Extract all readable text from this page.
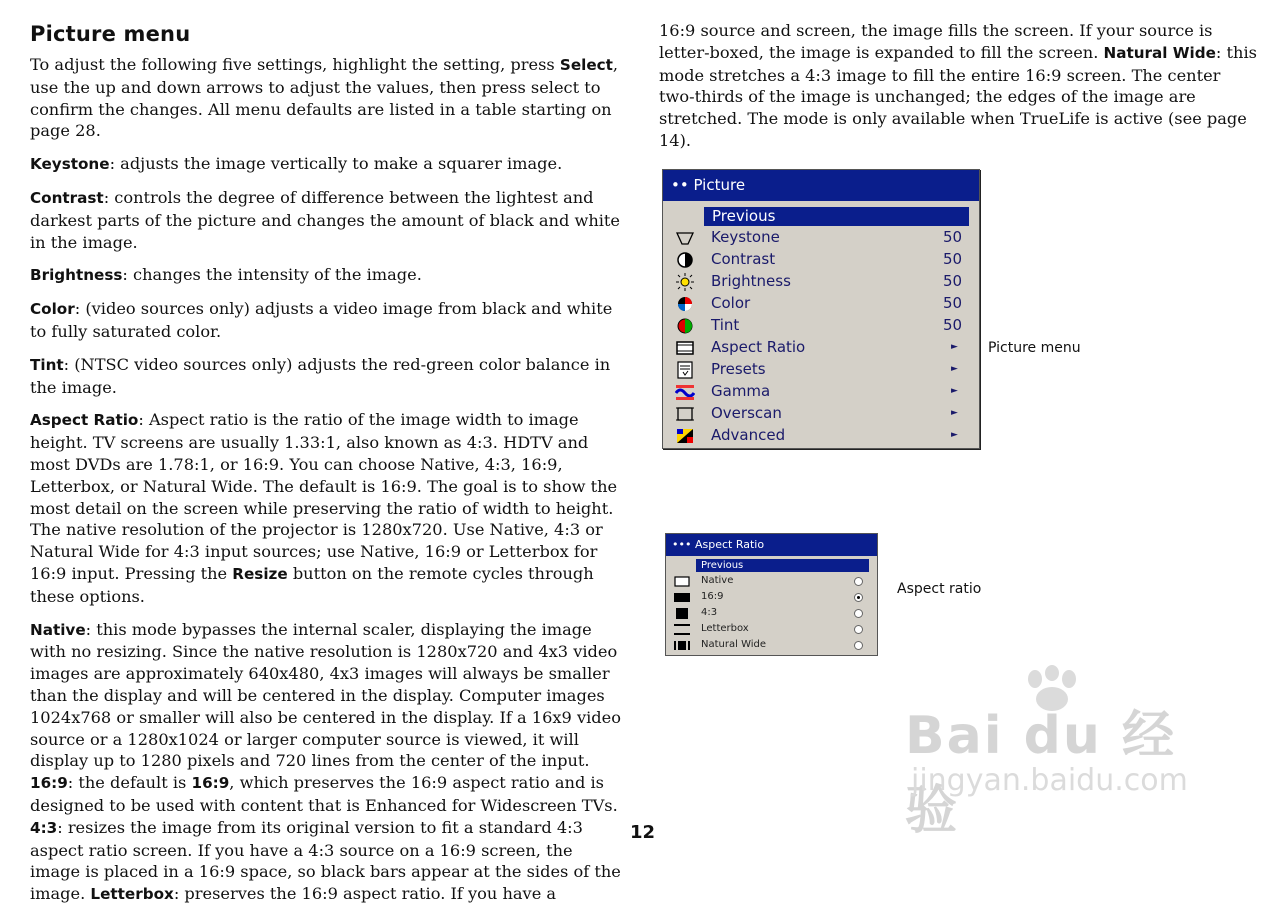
Picture menu

To adjust the following five settings, highlight the setting, press Select, use the up and down arrows to adjust the values, then press select to confirm the changes. All menu defaults are listed in a table starting on page 28.

Keystone: adjusts the image vertically to make a squarer image.

Contrast: controls the degree of difference between the lightest and darkest parts of the picture and changes the amount of black and white in the image.

Brightness: changes the intensity of the image.

Color: (video sources only) adjusts a video image from black and white to fully saturated color.

Tint: (NTSC video sources only) adjusts the red-green color balance in the image.

Aspect Ratio: Aspect ratio is the ratio of the image width to image height. TV screens are usually 1.33:1, also known as 4:3. HDTV and most DVDs are 1.78:1, or 16:9. You can choose Native, 4:3, 16:9, Letterbox, or Natural Wide. The default is 16:9. The goal is to show the most detail on the screen while preserving the ratio of width to height. The native resolution of the projector is 1280x720. Use Native, 4:3 or Natural Wide for 4:3 input sources; use Native, 16:9 or Letterbox for 16:9 input. Pressing the Resize button on the remote cycles through these options.

Native: this mode bypasses the internal scaler, displaying the image with no resizing. Since the native resolution is 1280x720 and 4x3 video images are approximately 640x480, 4x3 images will always be smaller than the display and will be centered in the display. Computer images 1024x768 or smaller will also be centered in the display. If a 16x9 video source or a 1280x1024 or larger computer source is viewed, it will display up to 1280 pixels and 720 lines from the center of the input. 16:9: the default is 16:9, which preserves the 16:9 aspect ratio and is designed to be used with content that is Enhanced for Widescreen TVs. 4:3: resizes the image from its original version to fit a standard 4:3 aspect ratio screen. If you have a 4:3 source on a 16:9 screen, the image is placed in a 16:9 space, so black bars appear at the sides of the image. Letterbox: preserves the 16:9 aspect ratio. If you have a

16:9 source and screen, the image fills the screen. If your source is letter-boxed, the image is expanded to fill the screen. Natural Wide: this mode stretches a 4:3 image to fill the entire 16:9 screen. The center two-thirds of the image is unchanged; the edges of the image are stretched. The mode is only available when TrueLife is active (see page 14).

•• Picture
Previous
Keystone	50
Contrast	50
Brightness	50
Color	50
Tint	50
Aspect Ratio	►
Presets	►
Gamma	►
Overscan	►
Advanced	►
Picture menu
••• Aspect Ratio
Previous
Native
16:9
4:3
Letterbox
Natural Wide
Aspect ratio
12
Bai du 经验
jingyan.baidu.com
